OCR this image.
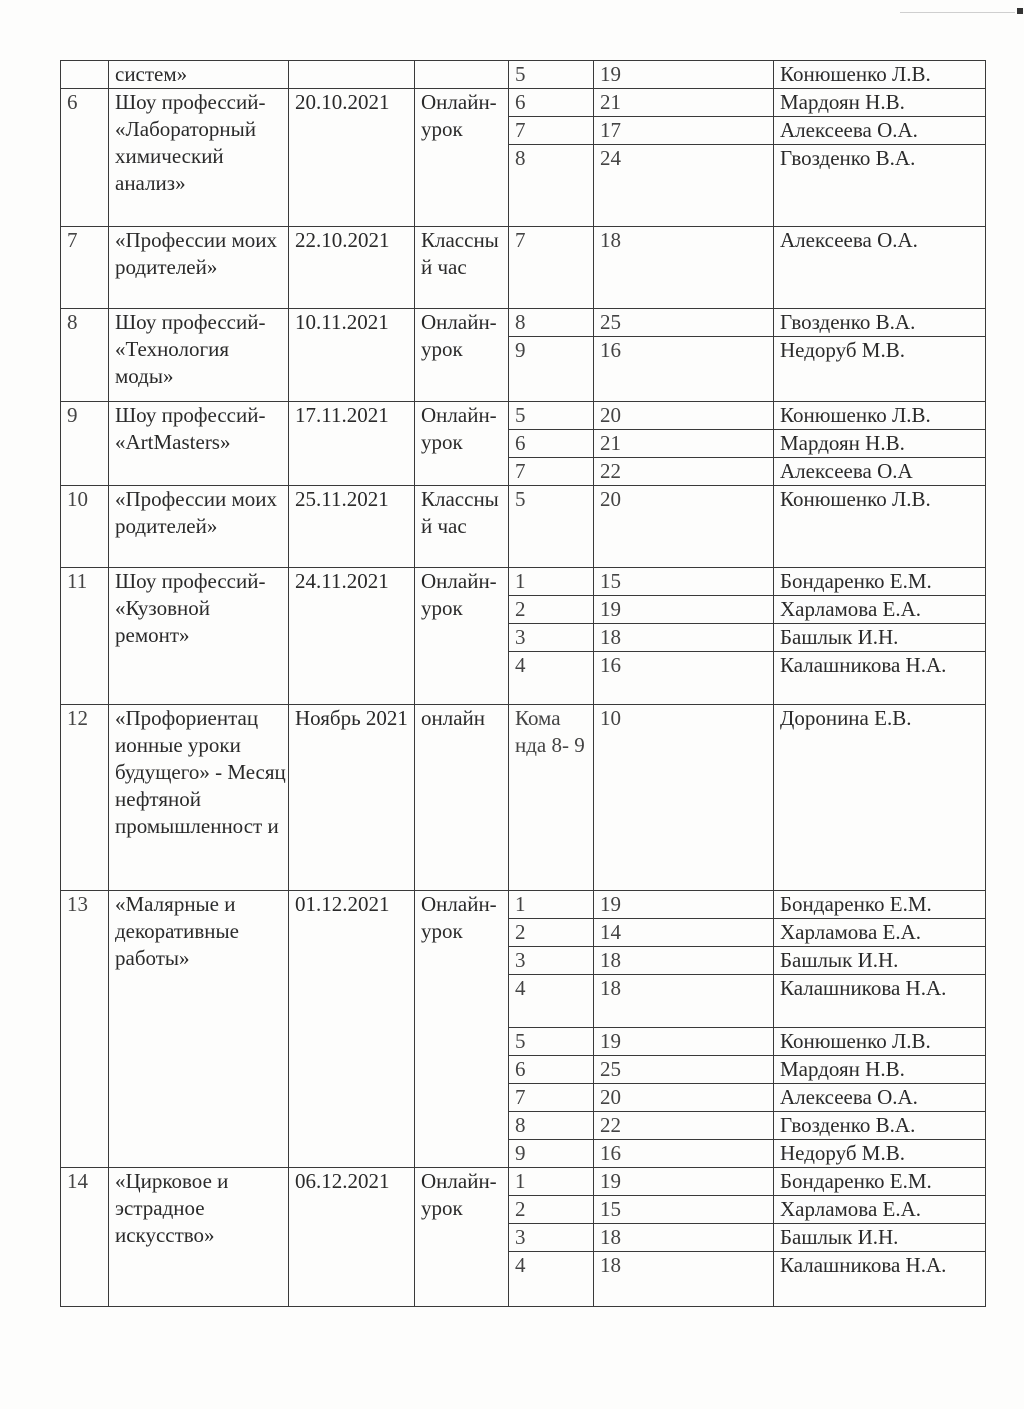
	систем»			5	19	Конюшенко Л.В.
6	Шоу профессий- «Лабораторный химический анализ»	20.10.2021	Онлайн- урок	6	21	Мардоян Н.В.
				7	17	Алексеева О.А.
				8	24	Гвозденко В.А.
7	«Профессии моих родителей»	22.10.2021	Классны й час	7	18	Алексеева О.А.
8	Шоу профессий- «Технология моды»	10.11.2021	Онлайн- урок	8	25	Гвозденко В.А.
				9	16	Недоруб М.В.
9	Шоу профессий- «ArtMasters»	17.11.2021	Онлайн- урок	5	20	Конюшенко Л.В.
				6	21	Мардоян Н.В.
				7	22	Алексеева О.А
10	«Профессии моих родителей»	25.11.2021	Классны й час	5	20	Конюшенко Л.В.
11	Шоу профессий- «Кузовной ремонт»	24.11.2021	Онлайн- урок	1	15	Бондаренко Е.М.
				2	19	Харламова Е.А.
				3	18	Башлык И.Н.
				4	16	Калашникова Н.А.
12	«Профориентац ионные уроки будущего» - Месяц нефтяной промышленност и	Ноябрь 2021	онлайн	Кома нда 8- 9	10	Доронина Е.В.
13	«Малярные и декоративные работы»	01.12.2021	Онлайн- урок	1	19	Бондаренко Е.М.
				2	14	Харламова Е.А.
				3	18	Башлык И.Н.
				4	18	Калашникова Н.А.
				5	19	Конюшенко Л.В.
				6	25	Мардоян Н.В.
				7	20	Алексеева О.А.
				8	22	Гвозденко В.А.
				9	16	Недоруб М.В.
14	«Цирковое и эстрадное искусство»	06.12.2021	Онлайн- урок	1	19	Бондаренко Е.М.
				2	15	Харламова Е.А.
				3	18	Башлык И.Н.
				4	18	Калашникова Н.А.
